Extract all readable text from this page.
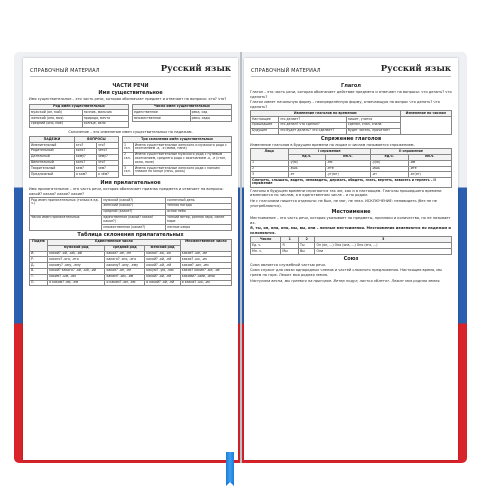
СПРАВОЧНЫЙ МАТЕРИАЛ	Русский язык
ЧАСТИ РЕЧИ
Имя существительное
Имя существительное – это часть речи, которая обозначает предмет и отвечает на вопросы: кто? что?
Род имён существительных	
мужской (он, мой)	ночник, мальчик
женский (она, моя)	природа, мечта
средний (оно, моё)	солнце, окно
Число имен существительных	
единственное	река, сад
множественное	реки, сады
Склонение – это изменение имен существительных по падежам.
ПАДЕЖИ	ВОПРОСЫ	
Именительный	кто?	что?
Родительный	кого?	чего?
Дательный	кому?	чему?
Винительный	кого?	что?
Творительный	кем?	чем?
Предложный	о ком?	о чём?
Три склонения имён существительных	
1 скл.	Имена существительные женского и мужского рода с окончанием -а, -я (мама, папа)
2 скл.	Имена существительные мужского рода с нулевым окончанием, среднего рода с окончанием -о, -е (стол, окно, поле)
3 скл.	Имена существительные женского рода с мягким знаком на конце (ночь, рожь)
Имя прилагательное
Имя прилагательное – это часть речи, которая обозначает признак предмета и отвечает на вопросы: какой? какая? какое? какие?
Род имен прилагательных (только в ед. ч.)	мужской (какой?)	солнечный день
	женский (какая?)	теплая погода
	средний (какое?)	ясное небо
Число имен прилагательных	единственное (какой? какая? какое?)	тонкий ветер, ранняя заря, синее море
	множественное (какие?)	лесные озера
Таблица склонения прилагательных
Падеж	Единственное число			Множественное число
	мужской род	средний род	женский род	
И.	какой? -ой, -ый, -ий	какое? -ое, -ее	какая? -ая, -яя	какие? -ые, -ие
Р.	какого? -ого, -его	какого? -ого, -его	какой? -ой, -ей	каких? -ых, -их
Д.	какому? -ому, -ему	какому? -ому, -ему	какой? -ой, -ей	каким? -ым, -им
В.	какой? какого? -ой, -ый, -ий	какое? -ое, -ее	какую? -ую, -юю	каких? какие? -ые, -ие
Т.	каким? -ым, -им	каким? -ым, -им	какой? -ой, -ей	какими? -ыми, -ими
П.	о каком? -ом, -ем	о каком? -ом, -ем	о какой? -ой, -ей	о каких? -ых, -их
СПРАВОЧНЫЙ МАТЕРИАЛ	Русский язык
Глагол
Глагол – это часть речи, которая обозначает действие предмета и отвечает на вопросы: что делать? что сделать?
Глагол имеет начальную форму – неопределённую форму, отвечающую на вопрос что делать? что сделать?
Изменение глаголов по временам			Изменение по числам
Настоящее	что делает?	пишет, учится	
Прошедшее	что делал? что сделал?	сделал, спал, спала	
Будущее	что будет делать? что сделает?	будет читать, прочитает	
Спряжение глаголов
Изменение глаголов в будущем времени по лицам и числам называется спряжением.
Лицо	I спряжение		II спряжение	
	ед.ч.	мн.ч.	ед.ч.	мн.ч.
1	-у(ю)	-ем	-у(ю)	-им
2	-ешь	-ете	-ишь	-ите
3	-ет	-ут(ют)	-ит	-ат(ят)
Смотреть, слышать, видеть, ненавидеть, держать, обидеть, гнать, вертеть, зависеть и терпеть – II спряжение				
Глаголы в будущем времени спрягаются так же, как и в настоящем. Глаголы прошедшего времени изменяются по числам, а в единственном числе – и по родам.
Не с глаголами пишется отдельно: не был, не мог, не знал. ИСКЛЮЧЕНИЕ: ненавидеть (без не не употребляются).
Местоимение
Местоимение – это часть речи, которая указывает на предметы, признаки и количество, но не называет их.
Я, ты, он, она, оно, мы, вы, они – личные местоимения. Местоимения изменяются по падежам и склоняются.
Число	1	2	3
Ед. ч.	Я	Ты	Он (он, ...) Она (она, ...) Оно (его, ...)
Мн. ч.	Мы	Вы	Они
Союз
Союз является служебной частью речи.
Союз служит для связи однородных членов и частей сложного предложения. Настоящее время, мы греем на горе. Лежит моя родная земля.
Наступила весна, мы греемся на пригорке. Ветер подул, листья облетят. Лежит моя родная земля.
